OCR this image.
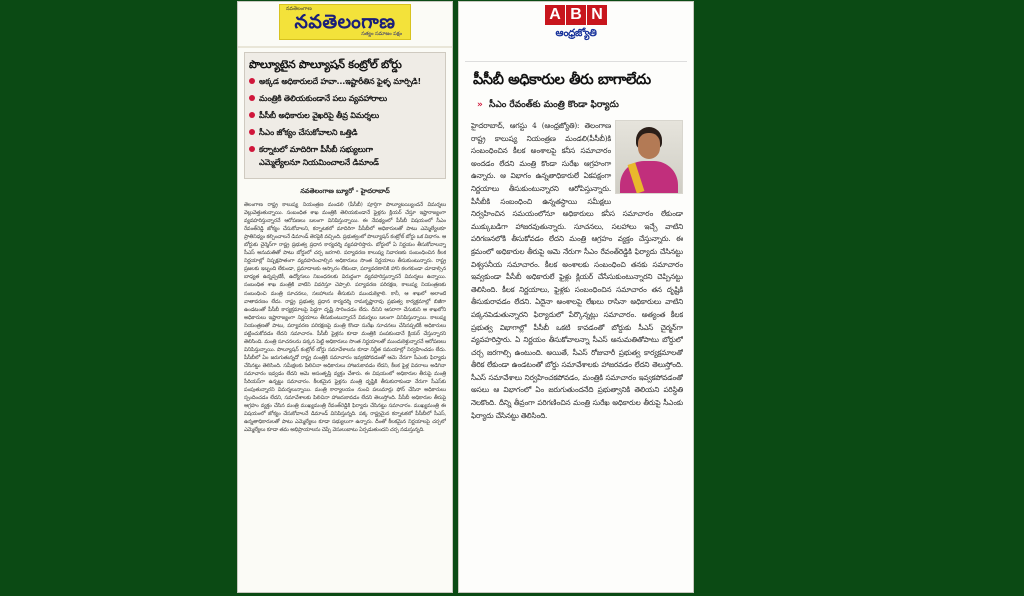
నవతెలంగాణ
నవతెలంగాణ
సత్యం సమాజం పక్షం
పొల్యూటైన పొల్యూషన్ కంట్రోల్ బోర్డు
అక్కడ అధికారులదే హవా...ఇష్టారీతిన ఫైళ్ళ మార్పిడి!
మంత్రికి తెలియకుండానే పలు వ్యవహారాలు
పీసీబీ అధికారుల వైఖరిపై తీవ్ర విమర్శలు
సీఎం జోక్యం చేసుకోవాలని ఒత్తిడి
కర్నాటలో మాదిరిగా పీసీబీ సభ్యులుగా
ఎమ్మెల్యేలనూ నియమించాలనే డిమాండ్
నవతెలంగాణ బ్యూరో - హైదరాబాద్
తెలంగాణ రాష్ట్ర కాలుష్య నియంత్రణ మండలి (పీసీబీ) పూర్తిగా పొల్యూటయ్యిందనే విమర్శలు వెల్లువెత్తుతున్నాయి. సంబంధిత శాఖ మంత్రికి తెలియకుండానే ఫైళ్లను క్లియర్ చేస్తూ ఇష్టారాజ్యంగా వ్యవహరిస్తున్నారనే ఆరోపణలు బలంగా వినిపిస్తున్నాయి. ఈ నేపథ్యంలో పీసీబీ విషయంలో సీఎం రేవంత్‌రెడ్డి జోక్యం చేసుకోవాలని, కర్నాటకలో మాదిరిగా పీసీబీలో అధికారులతో పాటు ఎమ్మెల్యేలకూ ప్రాతినిధ్యం కల్పించాలనే డిమాండ్ తెరపైకి వచ్చింది. ప్రభుత్వంలో పొల్యూషన్ కంట్రోల్ బోర్డు ఒక విభాగం. ఆ బోర్డుకు చైర్మెన్‌గా రాష్ట్ర ప్రభుత్వ ప్రధాన కార్యదర్శి వ్యవహరిస్తారు. బోర్డులో ఏ నిర్ణయం తీసుకోవాలన్నా సీఎస్ అనుమతితో పాటు బోర్డులో చర్చ జరగాలి. పర్యావరణ కాలుష్య నివారణకు సంబంధించిన కీలక నిర్ణయాల్లో నిష్పక్షపాతంగా వ్యవహరించాల్సిన అధికారులు సొంత నిర్ణయాలు తీసుకుంటున్నారు. రాష్ట్ర ప్రజలకు ఇబ్బంది లేకుండా, ప్రమాదాలకు ఆస్కారం లేకుండా, పర్యావరణానికి హాని కలగకుండా చూడాల్సిన బాధ్యత ఉన్నప్పటికీ, ఉద్యోగులు నిబంధనలకు విరుద్ధంగా వ్యవహరిస్తున్నారనే విమర్శలు ఉన్నాయి. సంబంధిత శాఖ మంత్రికి వాటిని వివరిస్తూ చెప్పాలి. పర్యావరణ పరిరక్షణ, కాలుష్య నియంత్రణకు సంబంధించి మంత్రి సూచనలు, సలహాలను తీసుకుని ముందుకెళ్లాలి. కానీ, ఆ శాఖలో అలాంటి వాతావరణం లేదు. రాష్ట్ర ప్రభుత్వ ప్రధాన కార్యదర్శి రామకృష్ణారావు ప్రభుత్వ కార్యక్రమాల్లో బిజీగా ఉండటంతో పీసీబీ కార్యక్రమాలపై పెద్దగా దృష్టి సారించడం లేదు. దీనిని ఆసరాగా చేసుకుని ఆ శాఖలోని అధికారులు ఇష్టారాజ్యంగా నిర్ణయాలు తీసుకుంటున్నారనే విమర్శలు బలంగా వినిపిస్తున్నాయి. కాలుష్య నియంత్రణతో పాటు, పర్యావరణ పరిరక్షణపై మంత్రి కొండా సురేఖ సూచనలు చేసినప్పటికీ అధికారులు పట్టించుకోవడం లేదని సమాచారం. పీసీబీ ఫైళ్లను కూడా మంత్రికి పంపకుండానే క్లియర్ చేస్తున్నారని తెలిసింది. మంత్రి సూచనలను పక్కన పెట్టి అధికారులు సొంత నిర్ణయాలతో ముందుకెళ్తున్నారనే ఆరోపణలు వినిపిస్తున్నాయి. పొల్యూషన్ కంట్రోల్ బోర్డు సమావేశాలను కూడా నిర్ణీత సమయాల్లో నిర్వహించడం లేదు. పీసీబీలో ఏం జరుగుతున్నదో రాష్ట్ర మంత్రికి సమాచారం ఇవ్వకపోవడంతో ఆమె నేరుగా సీఎంకు ఫిర్యాదు చేసినట్టు తెలిసింది. సమీక్షలకు పిలిచినా అధికారులు హాజరుకావడం లేదని, కీలక ఫైళ్ల వివరాలు అడిగినా సమాచారం ఇవ్వడం లేదని ఆమె అసంతృప్తి వ్యక్తం చేశారు. ఈ విషయంలో అధికారుల తీరుపై మంత్రి సీరియస్‌గా ఉన్నట్టు సమాచారం. కీలకమైన ఫైళ్లను మంత్రి దృష్టికి తీసుకురాకుండా నేరుగా సీఎస్‌కు పంపుతున్నారని విమర్శలున్నాయి. మంత్రి కార్యాలయం నుంచి పలుమార్లు ఫోన్ చేసినా అధికారులు స్పందించడం లేదని, సమావేశాలకు పిలిచినా హాజరుకావడం లేదని తెలుస్తోంది. పీసీబీ అధికారుల తీరుపై ఆగ్రహం వ్యక్తం చేసిన మంత్రి ముఖ్యమంత్రి రేవంత్‌రెడ్డికి ఫిర్యాదు చేసినట్టు సమాచారం. ముఖ్యమంత్రి ఈ విషయంలో జోక్యం చేసుకోవాలనే డిమాండ్ వినిపిస్తున్నది. పక్క రాష్ట్రమైన కర్నాటకలో పీసీబీలో సీఎస్, ఉన్నతాధికారులతో పాటు ఎమ్మెల్యేలు కూడా సభ్యులుగా ఉన్నారు. దీంతో కీలకమైన నిర్ణయాలపై చర్చలో ఎమ్మెల్యేలు కూడా తమ అభిప్రాయాలను చెప్పే వెసులుబాటు ఏర్పడుతుందని చర్చ నడుస్తున్నది.
A B N
ఆంధ్రజ్యోతి
పీసీబీ అధికారుల తీరు బాగాలేదు
» సీఎం రేవంత్‌కు మంత్రి కొండా ఫిర్యాదు
హైదరాబాద్, ఆగస్టు 4 (ఆంధ్రజ్యోతి): తెలంగాణ రాష్ట్ర కాలుష్య నియంత్రణ మండలి(పీసీబీ)కి సంబంధించిన కీలక అంశాలపై కనీస సమాచారం అందడం లేదని మంత్రి కొండా సురేఖ ఆగ్రహంగా ఉన్నారు. ఆ విభాగం ఉన్నతాధికారులే ఏకపక్షంగా నిర్ణయాలు తీసుకుంటున్నారని ఆరోపిస్తున్నారు. పీసీబీకి సంబంధించి ఉన్నతస్థాయి సమీక్షలు నిర్వహించిన సమయంలోనూ అధికారులు కనీస సమాచారం లేకుండా ముక్కుబడిగా హాజరవుతున్నారు. సూచనలు, సలహాలు ఇచ్చే వాటిని పరిగణనలోకి తీసుకోవడం లేదని మంత్రి ఆగ్రహం వ్యక్తం చేస్తున్నారు. ఈ క్రమంలో అధికారుల తీరుపై ఆమె నేరుగా సీఎం రేవంత్‌రెడ్డికి ఫిర్యాదు చేసినట్టు విశ్వసనీయ సమాచారం. కీలక అంశాలకు సంబంధించి తనకు సమాచారం ఇవ్వకుండా పీసీబీ అధికారులే ఫైళ్లు క్లియర్ చేసేసుకుంటున్నారని చెప్పినట్టు తెలిసింది. కీలక నిర్ణయాలు, ఫైళ్లకు సంబంధించిన సమాచారం తన దృష్టికి తీసుకురావడం లేదని. ఏదైనా అంశాలపై లేఖలు రాసినా అధికారులు వాటిని పక్కనపెడుతున్నారని ఫిర్యాదులో పేర్కొన్నట్లు సమాచారం. అత్యంత కీలక ప్రభుత్వ విభాగాల్లో పీసీబీ ఒకటి కావడంతో బోర్డుకు సీఎస్ చైర్మన్‌గా వ్యవహరిస్తారు. ఏ నిర్ణయం తీసుకోవాలన్నా సీఎస్ అనుమతితోపాటు బోర్డులో చర్చ జరగాల్సి ఉంటుంది. అయితే, సీఎస్ రోజువారీ ప్రభుత్వ కార్యక్రమాలతో తీరిక లేకుండా ఉండటంతో బోర్డు సమావేశాలకు హాజరవడం లేదని తెలుస్తోంది. సీఎస్ సమావేశాలు నిర్వహించకపోవడం, మంత్రికి సమాచారం ఇవ్వకపోవడంతో అసలు ఆ విభాగంలో ఏం జరుగుతుందనేది ప్రభుత్వానికి తెలియని పరిస్థితి నెలకొంది. దీన్ని తీవ్రంగా పరిగణించిన మంత్రి సురేఖ అధికారుల తీరుపై సీఎంకు ఫిర్యాదు చేసినట్టు తెలిసింది.
